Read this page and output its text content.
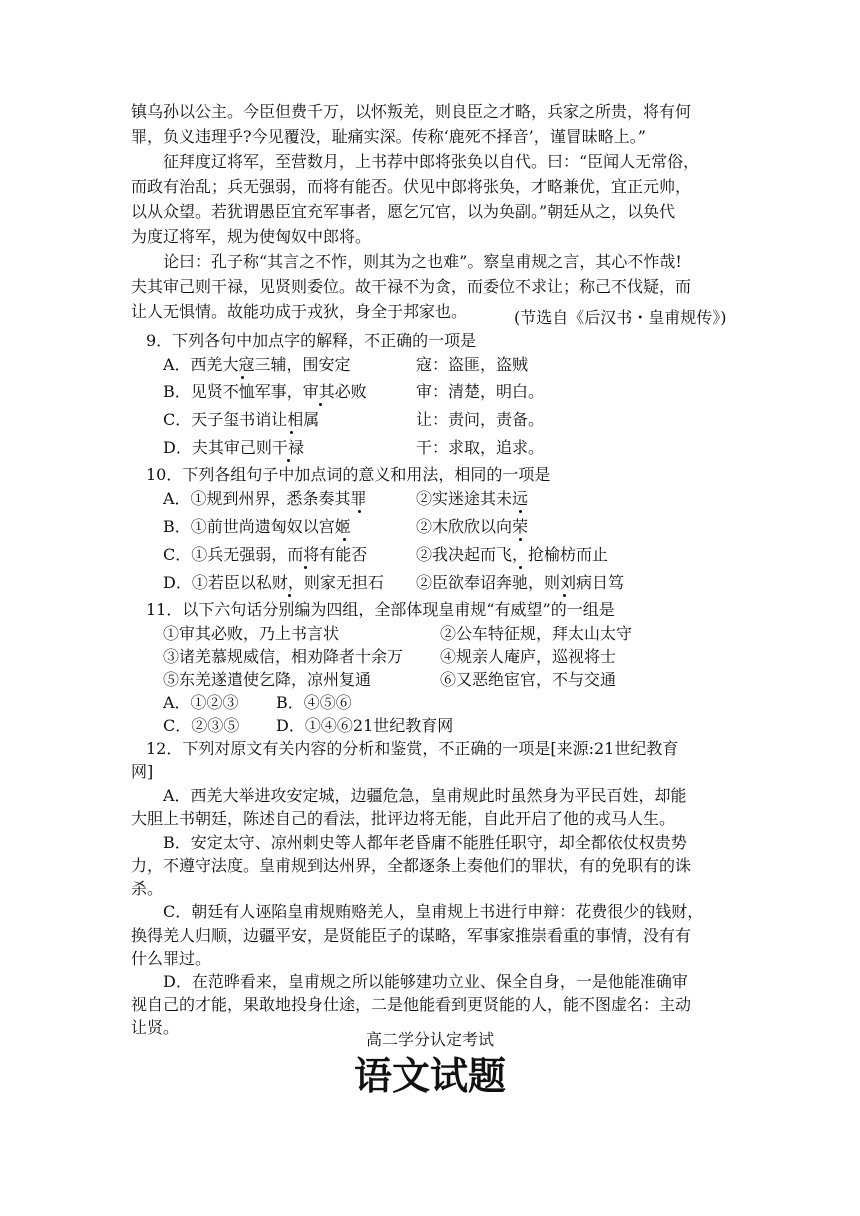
镇乌孙以公主。今臣但费千万，以怀叛羌，则良臣之才略，兵家之所贵，将有何
罪，负义违理乎?今见覆没，耻痛实深。传称‘鹿死不择音’，谨冒昧略上。”
　　征拜度辽将军，至营数月，上书荐中郎将张奂以自代。曰：“臣闻人无常俗，
而政有治乱；兵无强弱，而将有能否。伏见中郎将张奂，才略兼优，宜正元帅，
以从众望。若犹谓愚臣宜充军事者，愿乞冗官，以为奂副。”朝廷从之，以奂代
为度辽将军，规为使匈奴中郎将。
　　论曰：孔子称“其言之不怍，则其为之也难”。察皇甫规之言，其心不怍哉!
夫其审己则干禄，见贤则委位。故干禄不为贪，而委位不求让；称己不伐疑，而
让人无惧情。故能功成于戎狄，身全于邦家也。	(节选自《后汉书・皇甫规传》)
9．下列各句中加点字的解释，不正确的一项是
A．西羌大寇三辅，围安定	寇：盗匪，盗贼
B．见贤不恤军事，审其必败	审：清楚，明白。
C．天子玺书诮让相属	让：责问，责备。
D．夫其审己则干禄	干：求取，追求。
10．下列各组句子中加点词的意义和用法，相同的一项是
A．①规到州界，悉条奏其罪	②实迷途其未远
B．①前世尚遗匈奴以宫姬	②木欣欣以向荣
C．①兵无强弱，而将有能否	②我决起而飞，抢榆枋而止
D．①若臣以私财，则家无担石 ②臣欲奉诏奔驰，则刘病日笃
11．以下六句话分别编为四组，全部体现皇甫规“有威望”的一组是
①审其必败，乃上书言状	②公车特征规，拜太山太守
③诸羌慕规威信，相劝降者十余万 ④规亲人庵庐，巡视将士
⑤东羌遂遣使乞降，凉州复通	⑥又恶绝宦官，不与交通
A．①②③ B．④⑤⑥
C．②③⑤ D．①④⑥21世纪教育网
12．下列对原文有关内容的分析和鉴赏，不正确的一项是[来源:21世纪教育
网]
　　A．西羌大举进攻安定城，边疆危急，皇甫规此时虽然身为平民百姓，却能
大胆上书朝廷，陈述自己的看法，批评边将无能，自此开启了他的戎马人生。
　　B．安定太守、凉州刺史等人都年老昏庸不能胜任职守，却全都依仗权贵势
力，不遵守法度。皇甫规到达州界，全都逐条上奏他们的罪状，有的免职有的诛
杀。
　　C．朝廷有人诬陷皇甫规贿赂羌人，皇甫规上书进行申辩：花费很少的钱财，
换得羌人归顺，边疆平安，是贤能臣子的谋略，军事家推崇看重的事情，没有有
什么罪过。
　　D．在范晔看来，皇甫规之所以能够建功立业、保全自身，一是他能准确审
视自己的才能，果敢地投身仕途，二是他能看到更贤能的人，能不图虚名：主动
让贤。
高二学分认定考试
语文试题
